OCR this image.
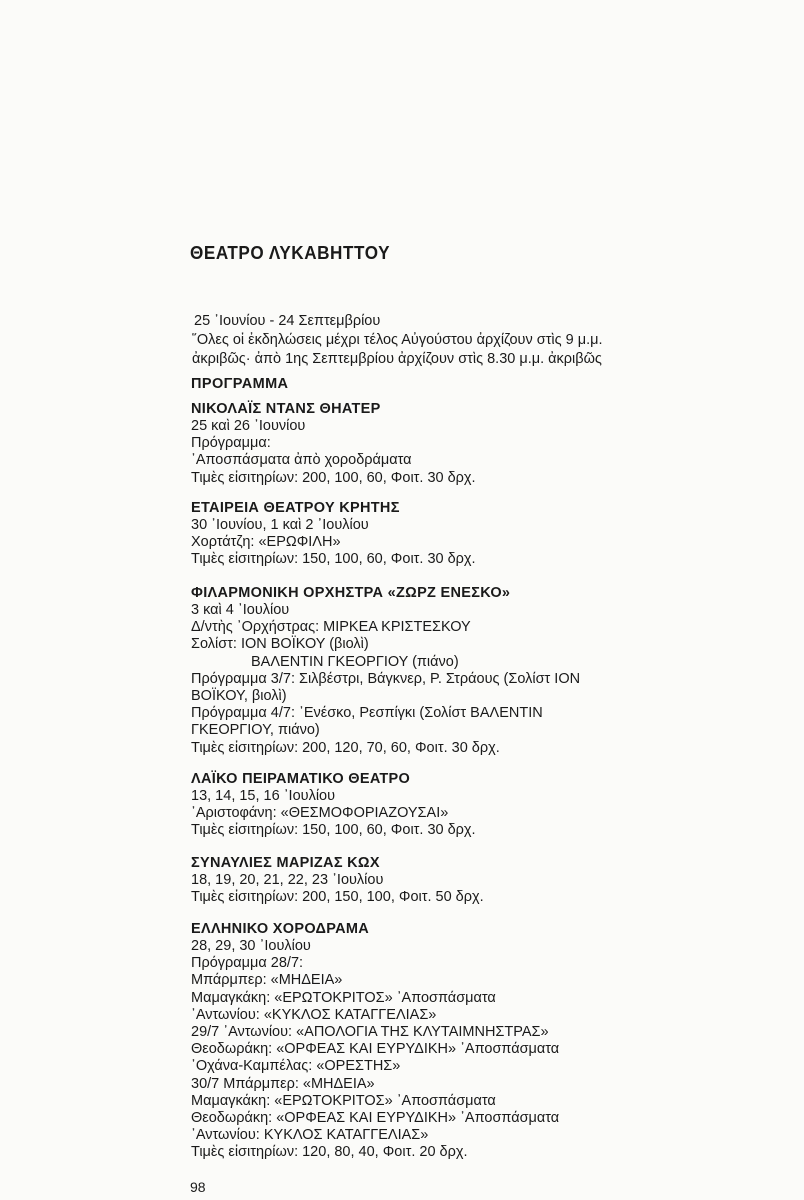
ΘΕΑΤΡΟ ΛΥΚΑΒΗΤΤΟΥ
25 ᾿Ιουνίου - 24 Σεπτεμβρίου
῞Ολες οἱ ἐκδηλώσεις μέχρι τέλος Αὐγούστου ἀρχίζουν στὶς 9 μ.μ.
ἀκριβῶς· ἀπὸ 1ης Σεπτεμβρίου ἀρχίζουν στὶς 8.30 μ.μ. ἀκριβῶς
ΠΡΟΓΡΑΜΜΑ
ΝΙΚΟΛΑΪΣ ΝΤΑΝΣ ΘΗΑΤΕΡ
25 καὶ 26 ᾿Ιουνίου
Πρόγραμμα:
᾿Αποσπάσματα ἀπὸ χοροδράματα
Τιμὲς εἰσιτηρίων: 200, 100, 60, Φοιτ. 30 δρχ.
ΕΤΑΙΡΕΙΑ ΘΕΑΤΡΟΥ ΚΡΗΤΗΣ
30 ᾿Ιουνίου, 1 καὶ 2 ᾿Ιουλίου
Χορτάτζη: «ΕΡΩΦΙΛΗ»
Τιμὲς εἰσιτηρίων: 150, 100, 60, Φοιτ. 30 δρχ.
ΦΙΛΑΡΜΟΝΙΚΗ ΟΡΧΗΣΤΡΑ «ΖΩΡΖ ΕΝΕΣΚΟ»
3 καὶ 4 ᾿Ιουλίου
Δ/ντὴς ᾿Ορχήστρας: ΜΙΡΚΕΑ ΚΡΙΣΤΕΣΚΟΥ
Σολίστ: ΙΟΝ ΒΟΪΚΟΥ (βιολὶ)
ΒΑΛΕΝΤΙΝ ΓΚΕΟΡΓΙΟΥ (πιάνο)
Πρόγραμμα 3/7: Σιλβέστρι, Βάγκνερ, Ρ. Στράους (Σολίστ ΙΟΝ
ΒΟΪΚΟΥ, βιολὶ)
Πρόγραμμα 4/7: ᾿Ενέσκο, Ρεσπίγκι (Σολίστ ΒΑΛΕΝΤΙΝ
ΓΚΕΟΡΓΙΟΥ, πιάνο)
Τιμὲς εἰσιτηρίων: 200, 120, 70, 60, Φοιτ. 30 δρχ.
ΛΑΪΚΟ ΠΕΙΡΑΜΑΤΙΚΟ ΘΕΑΤΡΟ
13, 14, 15, 16 ᾿Ιουλίου
᾿Αριστοφάνη: «ΘΕΣΜΟΦΟΡΙΑΖΟΥΣΑΙ»
Τιμὲς εἰσιτηρίων: 150, 100, 60, Φοιτ. 30 δρχ.
ΣΥΝΑΥΛΙΕΣ ΜΑΡΙΖΑΣ ΚΩΧ
18, 19, 20, 21, 22, 23 ᾿Ιουλίου
Τιμὲς εἰσιτηρίων: 200, 150, 100, Φοιτ. 50 δρχ.
ΕΛΛΗΝΙΚΟ ΧΟΡΟΔΡΑΜΑ
28, 29, 30 ᾿Ιουλίου
Πρόγραμμα 28/7:
Μπάρμπερ: «ΜΗΔΕΙΑ»
Μαμαγκάκη: «ΕΡΩΤΟΚΡΙΤΟΣ» ᾿Αποσπάσματα
᾿Αντωνίου: «ΚΥΚΛΟΣ ΚΑΤΑΓΓΕΛΙΑΣ»
29/7 ᾿Αντωνίου: «ΑΠΟΛΟΓΙΑ ΤΗΣ ΚΛΥΤΑΙΜΝΗΣΤΡΑΣ»
Θεοδωράκη: «ΟΡΦΕΑΣ ΚΑΙ ΕΥΡΥΔΙΚΗ» ᾿Αποσπάσματα
᾿Οχάνα-Καμπέλας: «ΟΡΕΣΤΗΣ»
30/7 Μπάρμπερ: «ΜΗΔΕΙΑ»
Μαμαγκάκη: «ΕΡΩΤΟΚΡΙΤΟΣ» ᾿Αποσπάσματα
Θεοδωράκη: «ΟΡΦΕΑΣ ΚΑΙ ΕΥΡΥΔΙΚΗ» ᾿Αποσπάσματα
᾿Αντωνίου: ΚΥΚΛΟΣ ΚΑΤΑΓΓΕΛΙΑΣ»
Τιμὲς εἰσιτηρίων: 120, 80, 40, Φοιτ. 20 δρχ.
98
